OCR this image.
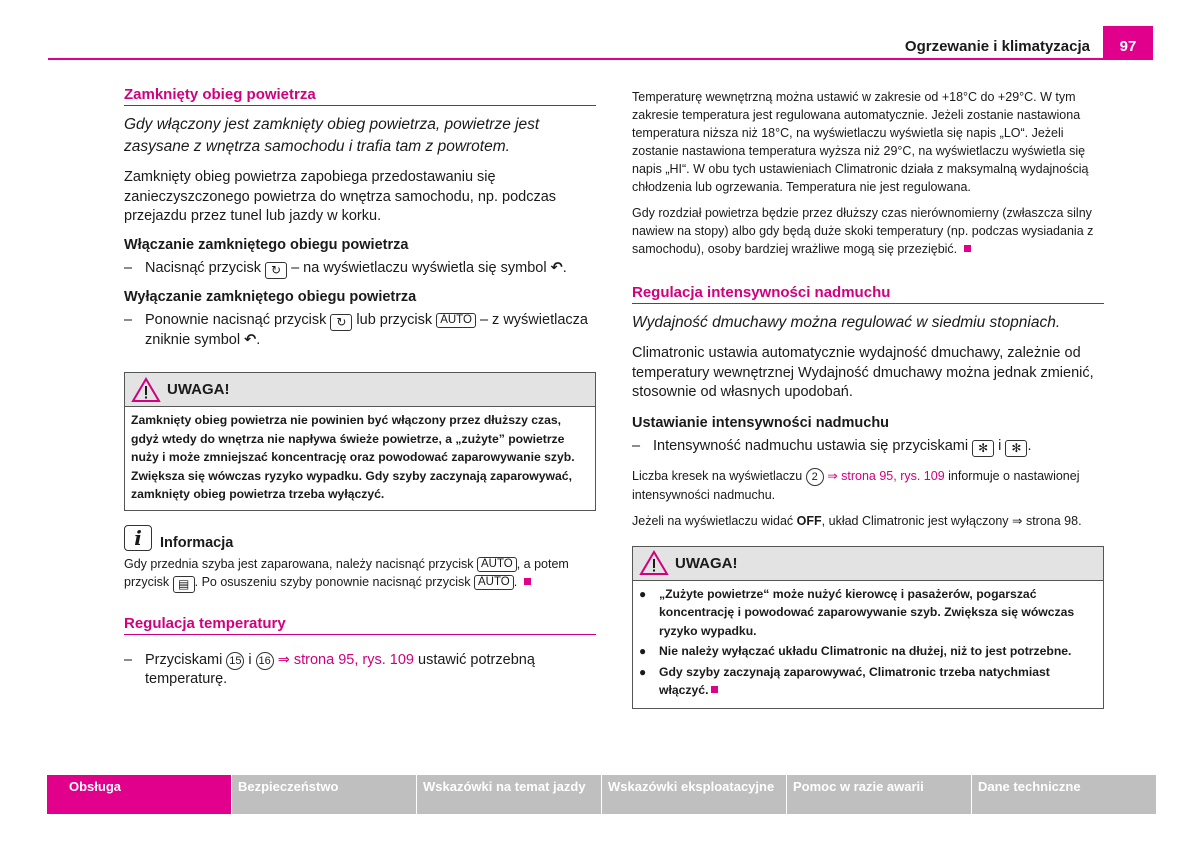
Ogrzewanie i klimatyzacja	97
Zamknięty obieg powietrza
Gdy włączony jest zamknięty obieg powietrza, powietrze jest zasysane z wnętrza samochodu i trafia tam z powrotem.
Zamknięty obieg powietrza zapobiega przedostawaniu się zanieczyszczonego powietrza do wnętrza samochodu, np. podczas przejazdu przez tunel lub jazdy w korku.
Włączanie zamkniętego obiegu powietrza
– Nacisnąć przycisk ↻ – na wyświetlaczu wyświetla się symbol ↶.
Wyłączanie zamkniętego obiegu powietrza
– Ponownie nacisnąć przycisk ↻ lub przycisk AUTO – z wyświetlacza zniknie symbol ↶.
UWAGA!
Zamknięty obieg powietrza nie powinien być włączony przez dłuższy czas, gdyż wtedy do wnętrza nie napływa świeże powietrze, a „zużyte” powietrze nuży i może zmniejszać koncentrację oraz powodować zaparowywanie szyb. Zwiększa się wówczas ryzyko wypadku. Gdy szyby zaczynają zaparowywać, zamknięty obieg powietrza trzeba wyłączyć.
i	Informacja
Gdy przednia szyba jest zaparowana, należy nacisnąć przycisk AUTO , a potem przycisk ▤ . Po osuszeniu szyby ponownie nacisnąć przycisk AUTO .
Regulacja temperatury
– Przyciskami 15 i 16 ⇒ strona 95, rys. 109 ustawić potrzebną temperaturę.
Temperaturę wewnętrzną można ustawić w zakresie od +18°C do +29°C. W tym zakresie temperatura jest regulowana automatycznie. Jeżeli zostanie nastawiona temperatura niższa niż 18°C, na wyświetlaczu wyświetla się napis „LO“. Jeżeli zostanie nastawiona temperatura wyższa niż 29°C, na wyświetlaczu wyświetla się napis „HI“. W obu tych ustawieniach Climatronic działa z maksymalną wydajnością chłodzenia lub ogrzewania. Temperatura nie jest regulowana.
Gdy rozdział powietrza będzie przez dłuższy czas nierównomierny (zwłaszcza silny nawiew na stopy) albo gdy będą duże skoki temperatury (np. podczas wysiadania z samochodu), osoby bardziej wrażliwe mogą się przeziębić.
Regulacja intensywności nadmuchu
Wydajność dmuchawy można regulować w siedmiu stopniach.
Climatronic ustawia automatycznie wydajność dmuchawy, zależnie od temperatury wewnętrznej Wydajność dmuchawy można jednak zmienić, stosownie od własnych upodobań.
Ustawianie intensywności nadmuchu
– Intensywność nadmuchu ustawia się przyciskami ✻ i ✻ .
Liczba kresek na wyświetlaczu 2 ⇒ strona 95, rys. 109 informuje o nastawionej intensywności nadmuchu.
Jeżeli na wyświetlaczu widać OFF, układ Climatronic jest wyłączony ⇒ strona 98.
UWAGA!
●	„Zużyte powietrze“ może nużyć kierowcę i pasażerów, pogarszać koncentrację i powodować zaparowywanie szyb. Zwiększa się wówczas ryzyko wypadku.
●	Nie należy wyłączać układu Climatronic na dłużej, niż to jest potrzebne.
●	Gdy szyby zaczynają zaparowywać, Climatronic trzeba natychmiast włączyć.
Obsługa	Bezpieczeństwo	Wskazówki na temat jazdy	Wskazówki eksploatacyjne	Pomoc w razie awarii	Dane techniczne
